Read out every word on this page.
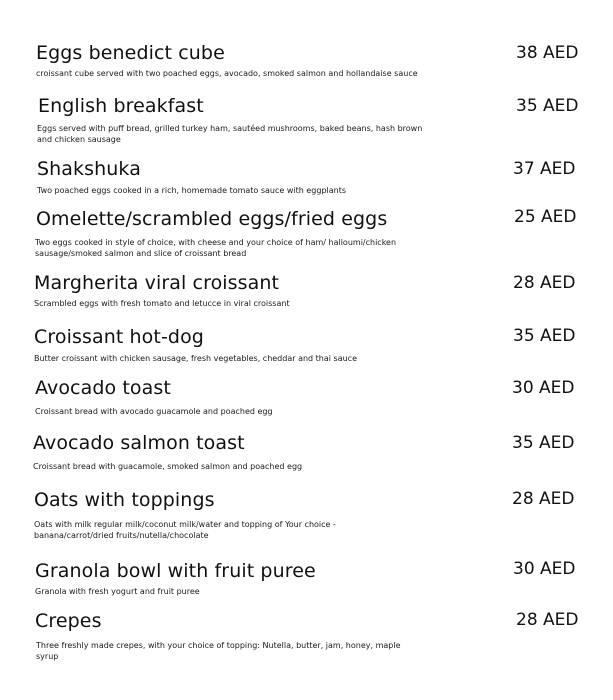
Eggs benedict cube	38 AED
croissant cube served with two poached eggs, avocado, smoked salmon and hollandaise sauce
English breakfast	35 AED
Eggs served with puff bread, grilled turkey ham, sautéed mushrooms, baked beans, hash brown and chicken sausage
Shakshuka	37 AED
Two poached eggs cooked in a rich, homemade tomato sauce with eggplants
Omelette/scrambled eggs/fried eggs	25 AED
Two eggs cooked in style of choice, with cheese and your choice of ham/ halloumi/chicken sausage/smoked salmon and slice of croissant bread
Margherita viral croissant	28 AED
Scrambled eggs with fresh tomato and letucce in viral croissant
Croissant hot-dog	35 AED
Butter croissant with chicken sausage, fresh vegetables, cheddar and thai sauce
Avocado toast	30 AED
Croissant bread with avocado guacamole and poached egg
Avocado salmon toast	35 AED
Croissant bread with guacamole, smoked salmon and poached egg
Oats with toppings	28 AED
Oats with milk regular milk/coconut milk/water and topping of Your choice - banana/carrot/dried fruits/nutella/chocolate
Granola bowl with fruit puree	30 AED
Granola with fresh yogurt and fruit puree
Crepes	28 AED
Three freshly made crepes, with your choice of topping: Nutella, butter, jam, honey, maple syrup
